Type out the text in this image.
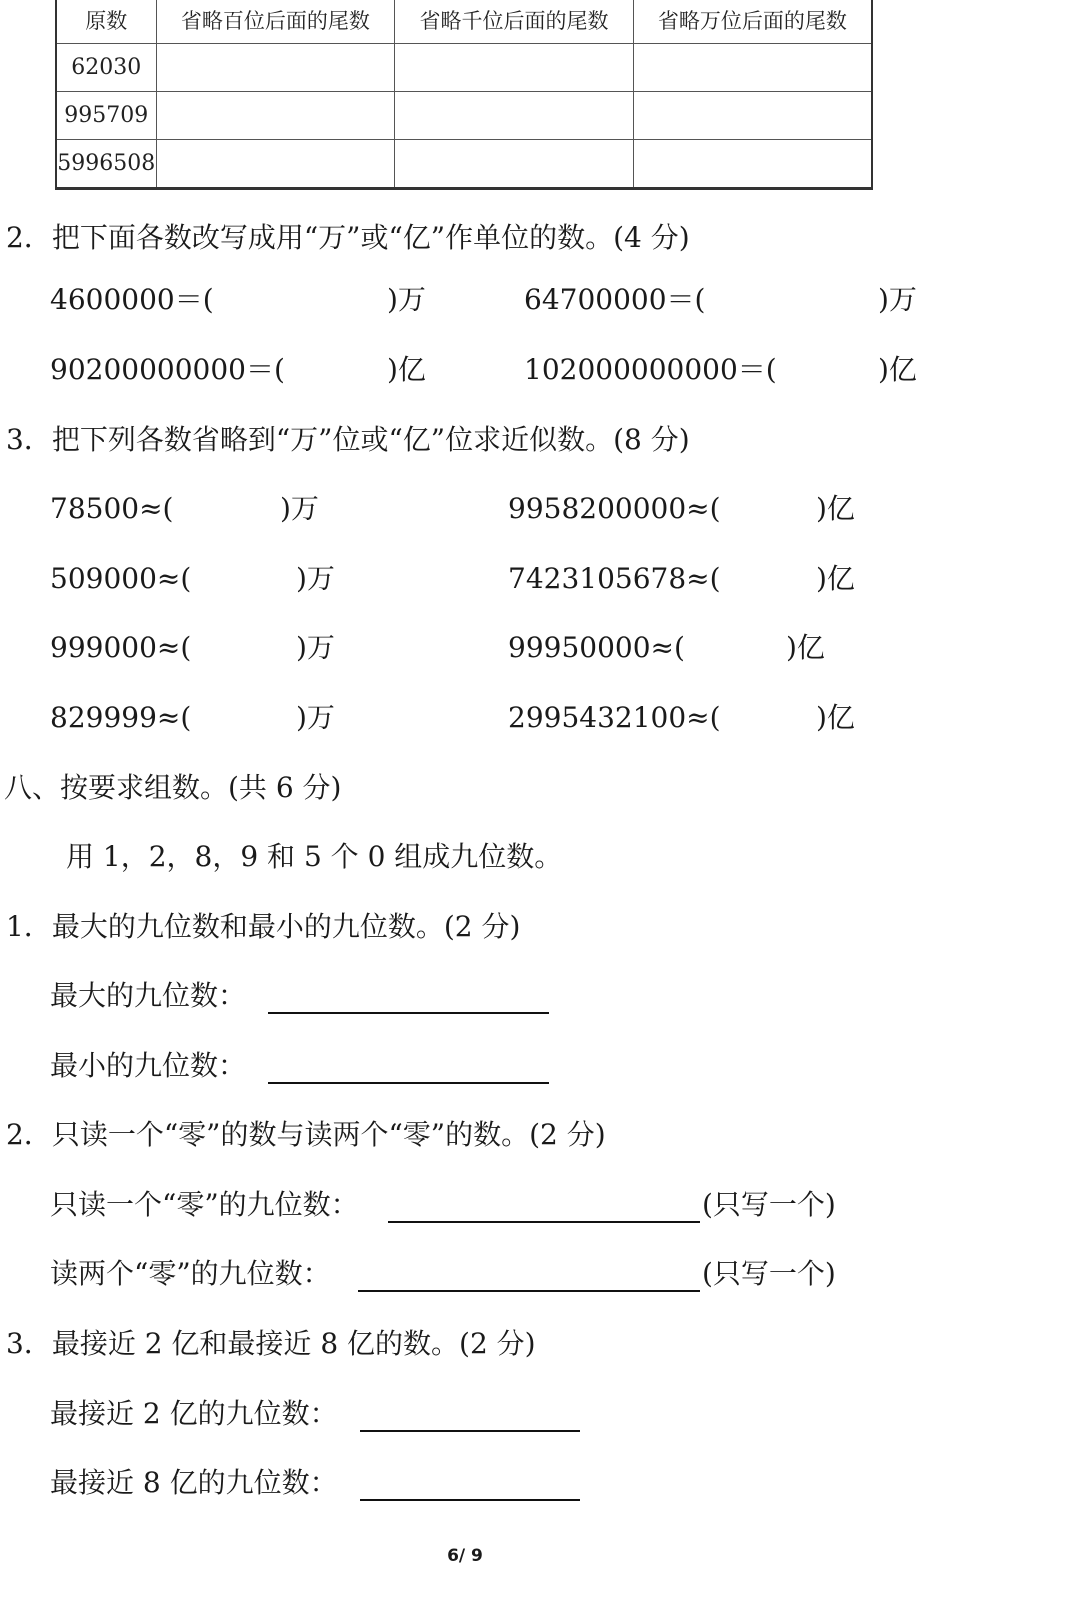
原数	省略百位后面的尾数	省略千位后面的尾数	省略万位后面的尾数
62030			
995709			
5996508			
2．把下面各数改写成用“万”或“亿”作单位的数。(4 分)
4600000＝(	)万	64700000＝(	)万
90200000000＝(	)亿	102000000000＝(	)亿
3．把下列各数省略到“万”位或“亿”位求近似数。(8 分)
78500≈(	)万	9958200000≈(	)亿
509000≈(	)万	7423105678≈(	)亿
999000≈(	)万	99950000≈(	)亿
829999≈(	)万	2995432100≈(	)亿
八、按要求组数。(共 6 分)
用 1，2，8，9 和 5 个 0 组成九位数。
1．最大的九位数和最小的九位数。(2 分)
最大的九位数：
最小的九位数：
2．只读一个“零”的数与读两个“零”的数。(2 分)
只读一个“零”的九位数：	(只写一个)
读两个“零”的九位数：	(只写一个)
3．最接近 2 亿和最接近 8 亿的数。(2 分)
最接近 2 亿的九位数：
最接近 8 亿的九位数：
6/ 9
